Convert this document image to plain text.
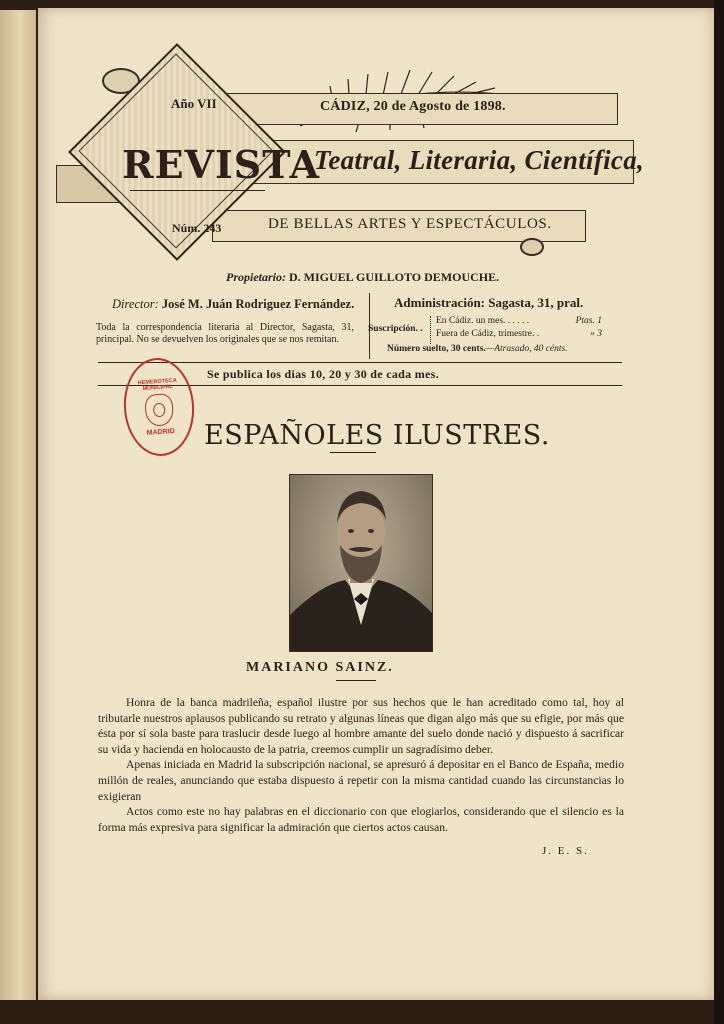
Año VII	CÁDIZ, 20 de Agosto de 1898.
REVISTA
Núm. 243
Teatral, Literaria, Científica,
DE BELLAS ARTES Y ESPECTÁCULOS.
Propietario: D. MIGUEL GUILLOTO DEMOUCHE.
Director: José M. Juán Rodriguez Fernández.
Toda la correspondencia literaria al Director, Sagasta, 31, principal. No se devuelven los originales que se nos remitan.
Administración: Sagasta, 31, pral.
Suscripción. .
En Cádiz. un mes. . . . . .	Ptas. 1
Fuera de Cádiz, trimestre. .	» 3
Número suelto, 30 cents.—Atrasado, 40 cénts.
Se publica los dias 10, 20 y 30 de cada mes.
HEMEROTECA MUNICIPAL
MADRID ESPAÑOLES ILUSTRES.
MARIANO SAINZ.

Honra de la banca madrileña, español ilustre por sus hechos que le han acreditado como tal, hoy al tributarle nuestros aplausos publicando su retrato y algunas líneas que digan algo más que su efigie, por más que ésta por sí sola baste para traslucir desde luego al hombre amante del suelo donde nació y dispuesto á sacrificar su vida y hacienda en holocausto de la patria, creemos cumplir un sagradísimo deber.

Apenas iniciada en Madrid la subscripción nacional, se apresuró á depositar en el Banco de España, medio millón de reales, anunciando que estaba dispuesto á repetir con la misma cantidad cuando las circunstancias lo exigieran

Actos como este no hay palabras en el diccionario con que elogiarlos, considerando que el silencio es la forma más expresiva para significar la admiración que ciertos actos causan.

J. E. S.
